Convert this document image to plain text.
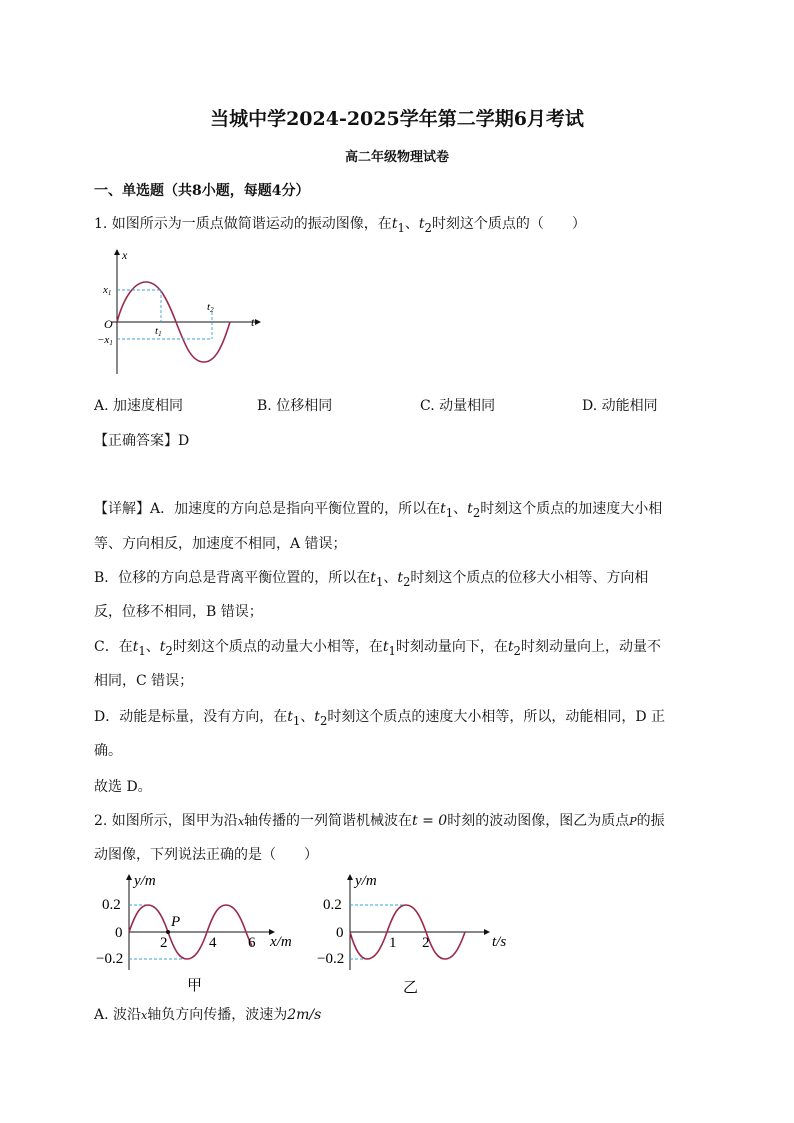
当城中学2024-2025学年第二学期6月考试
高二年级物理试卷
一、单选题（共8小题，每题4分）
1. 如图所示为一质点做简谐运动的振动图像，在$t_1$、$t_2$时刻这个质点的（　　）
x
t
O
x1
−x1
t1
t2
A. 加速度相同	B. 位移相同	C. 动量相同	D. 动能相同
【正确答案】D
【详解】A．加速度的方向总是指向平衡位置的，所以在$t_1$、$t_2$时刻这个质点的加速度大小相
等、方向相反，加速度不相同，A 错误；
B．位移的方向总是背离平衡位置的，所以在$t_1$、$t_2$时刻这个质点的位移大小相等、方向相
反，位移不相同，B 错误；
C．在$t_1$、$t_2$时刻这个质点的动量大小相等，在$t_1$时刻动量向下，在$t_2$时刻动量向上，动量不
相同，C 错误；
D．动能是标量，没有方向，在$t_1$、$t_2$时刻这个质点的速度大小相等，所以，动能相同，D 正
确。
故选 D。
2. 如图所示，图甲为沿x轴传播的一列简谐机械波在t = 0时刻的波动图像，图乙为质点P的振
动图像，下列说法正确的是（　　）
y/m
x/m
0.2
−0.2
0
2	4 6
P
甲
y/m
t/s
0.2
−0.2
0
1 2
乙
A. 波沿x轴负方向传播，波速为2m/s
